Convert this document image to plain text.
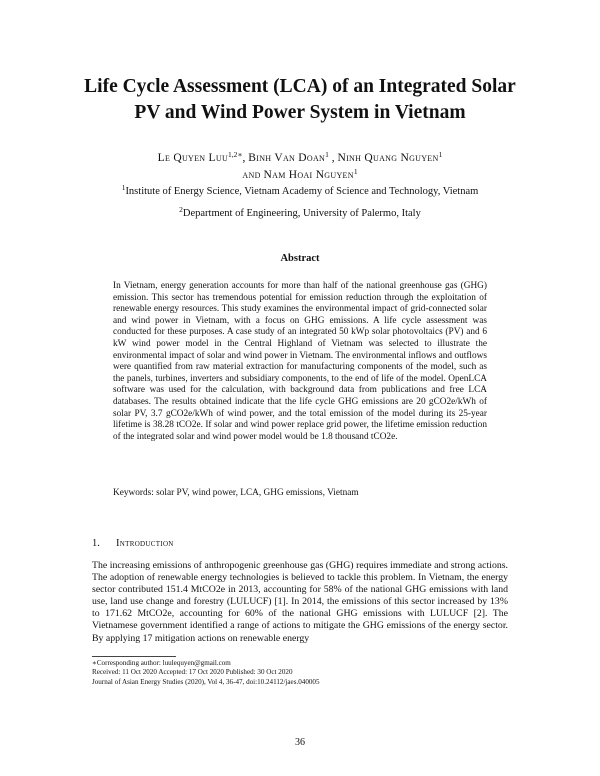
Life Cycle Assessment (LCA) of an Integrated Solar
PV and Wind Power System in Vietnam
Le Quyen Luu$^{1,2∗}$, Binh Van Doan$^1$ , Ninh Quang Nguyen$^1$
and Nam Hoai Nguyen$^1$
$^1$Institute of Energy Science, Vietnam Academy of Science and Technology, Vietnam
$^2$Department of Engineering, University of Palermo, Italy
Abstract
In Vietnam, energy generation accounts for more than half of the national greenhouse gas (GHG) emission. This sector has tremendous potential for emission reduction through the exploitation of renewable energy resources. This study examines the environmental impact of grid-connected solar and wind power in Vietnam, with a focus on GHG emissions. A life cycle assessment was conducted for these purposes. A case study of an integrated 50 kWp solar photovoltaics (PV) and 6 kW wind power model in the Central Highland of Vietnam was selected to illustrate the environmental impact of solar and wind power in Vietnam. The environmental inflows and outflows were quantified from raw material extraction for manufacturing components of the model, such as the panels, turbines, inverters and subsidiary components, to the end of life of the model. OpenLCA software was used for the calculation, with background data from publications and free LCA databases. The results obtained indicate that the life cycle GHG emissions are 20 gCO2e/kWh of solar PV, 3.7 gCO2e/kWh of wind power, and the total emission of the model during its 25-year lifetime is 38.28 tCO2e. If solar and wind power replace grid power, the lifetime emission reduction of the integrated solar and wind power model would be 1.8 thousand tCO2e.
Keywords: solar PV, wind power, LCA, GHG emissions, Vietnam
1. Introduction
The increasing emissions of anthropogenic greenhouse gas (GHG) requires immediate and strong actions. The adoption of renewable energy technologies is believed to tackle this problem. In Vietnam, the energy sector contributed 151.4 MtCO2e in 2013, accounting for 58% of the national GHG emissions with land use, land use change and forestry (LULUCF) [1]. In 2014, the emissions of this sector increased by 13% to 171.62 MtCO2e, accounting for 60% of the national GHG emissions with LULUCF [2]. The Vietnamese government identified a range of actions to mitigate the GHG emissions of the energy sector. By applying 17 mitigation actions on renewable energy
∗Corresponding author: luulequyen@gmail.com
Received: 11 Oct 2020 Accepted: 17 Oct 2020 Published: 30 Oct 2020
Journal of Asian Energy Studies (2020), Vol 4, 36-47, doi:10.24112/jaes.040005
36
